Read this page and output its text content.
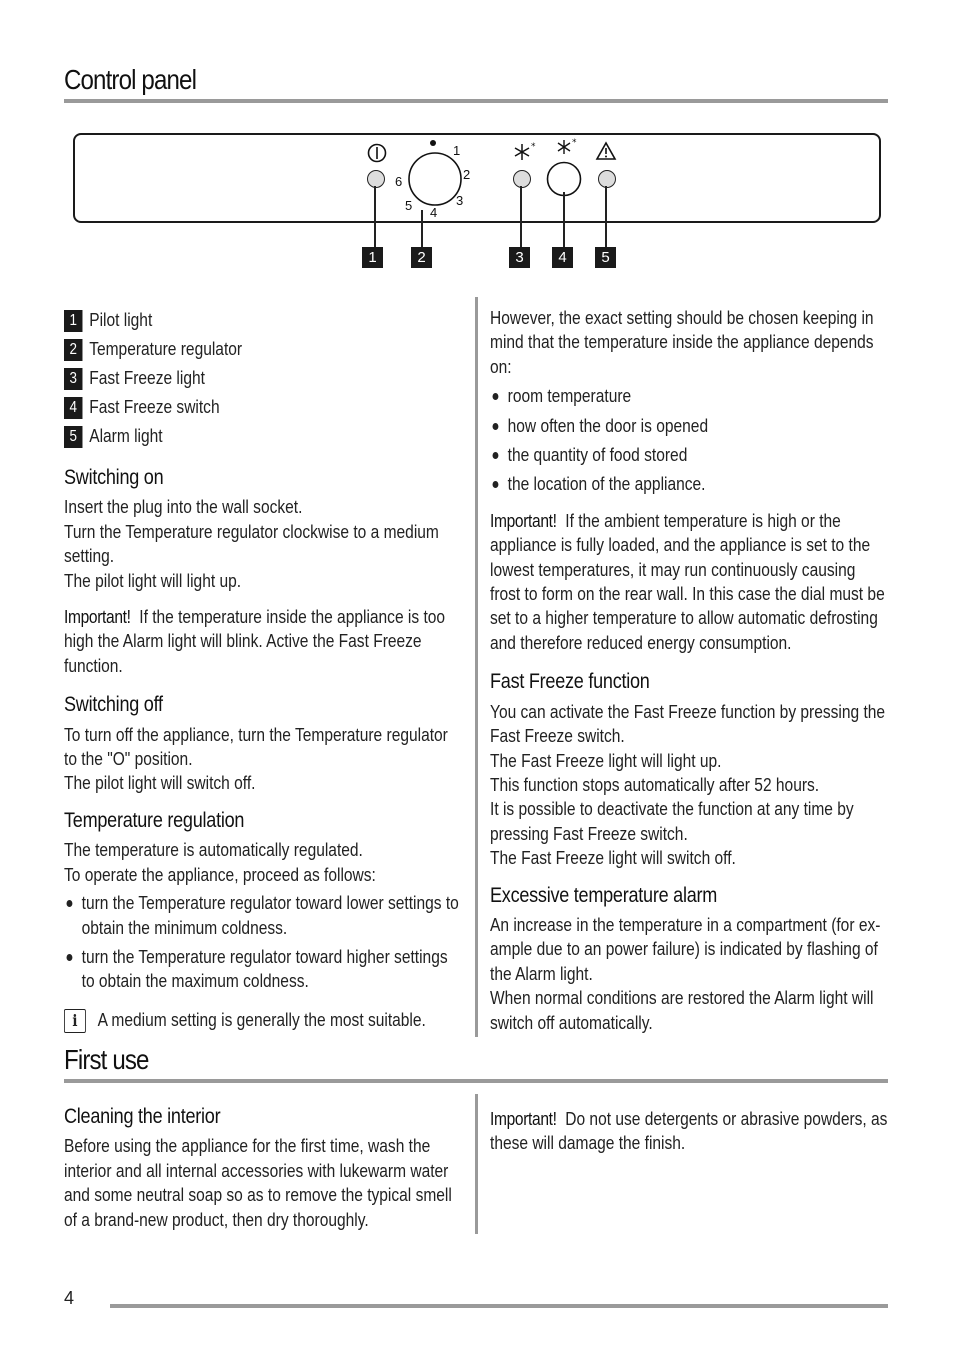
Control panel
1
2
3
4
5
6
*	*
1	2	3	4	5
1 Pilot light
2 Temperature regulator
3 Fast Freeze light
4 Fast Freeze switch
5 Alarm light
Switching on

Insert the plug into the wall socket.

Turn the Temperature regulator clockwise to a medium setting.

The pilot light will light up.

Important! If the temperature inside the appliance is too high the Alarm light will blink. Active the Fast Freeze function.

Switching off

To turn off the appliance, turn the Temperature regulator to the "O" position.

The pilot light will switch off.

Temperature regulation

The temperature is automatically regulated.

To operate the appliance, proceed as follows:

turn the Temperature regulator toward lower settings to obtain the minimum coldness.
turn the Temperature regulator toward higher settings to obtain the maximum coldness.

i A medium setting is generally the most suitable.

However, the exact setting should be chosen keeping in mind that the temperature inside the appliance depends on:

room temperature
how often the door is opened
the quantity of food stored
the location of the appliance.

Important! If the ambient temperature is high or the appliance is fully loaded, and the appliance is set to the lowest temperatures, it may run continuously causing frost to form on the rear wall. In this case the dial must be set to a higher temperature to allow automatic defrosting and therefore reduced energy consumption.

Fast Freeze function

You can activate the Fast Freeze function by pressing the Fast Freeze switch.

The Fast Freeze light will light up.

This function stops automatically after 52 hours.

It is possible to deactivate the function at any time by pressing Fast Freeze switch.

The Fast Freeze light will switch off.

Excessive temperature alarm

An increase in the temperature in a compartment (for ex-ample due to an power failure) is indicated by flashing of the Alarm light.

When normal conditions are restored the Alarm light will switch off automatically.

First use
Cleaning the interior

Before using the appliance for the first time, wash the interior and all internal accessories with lukewarm water and some neutral soap so as to remove the typical smell of a brand-new product, then dry thoroughly.

Important! Do not use detergents or abrasive powders, as these will damage the finish.

4
